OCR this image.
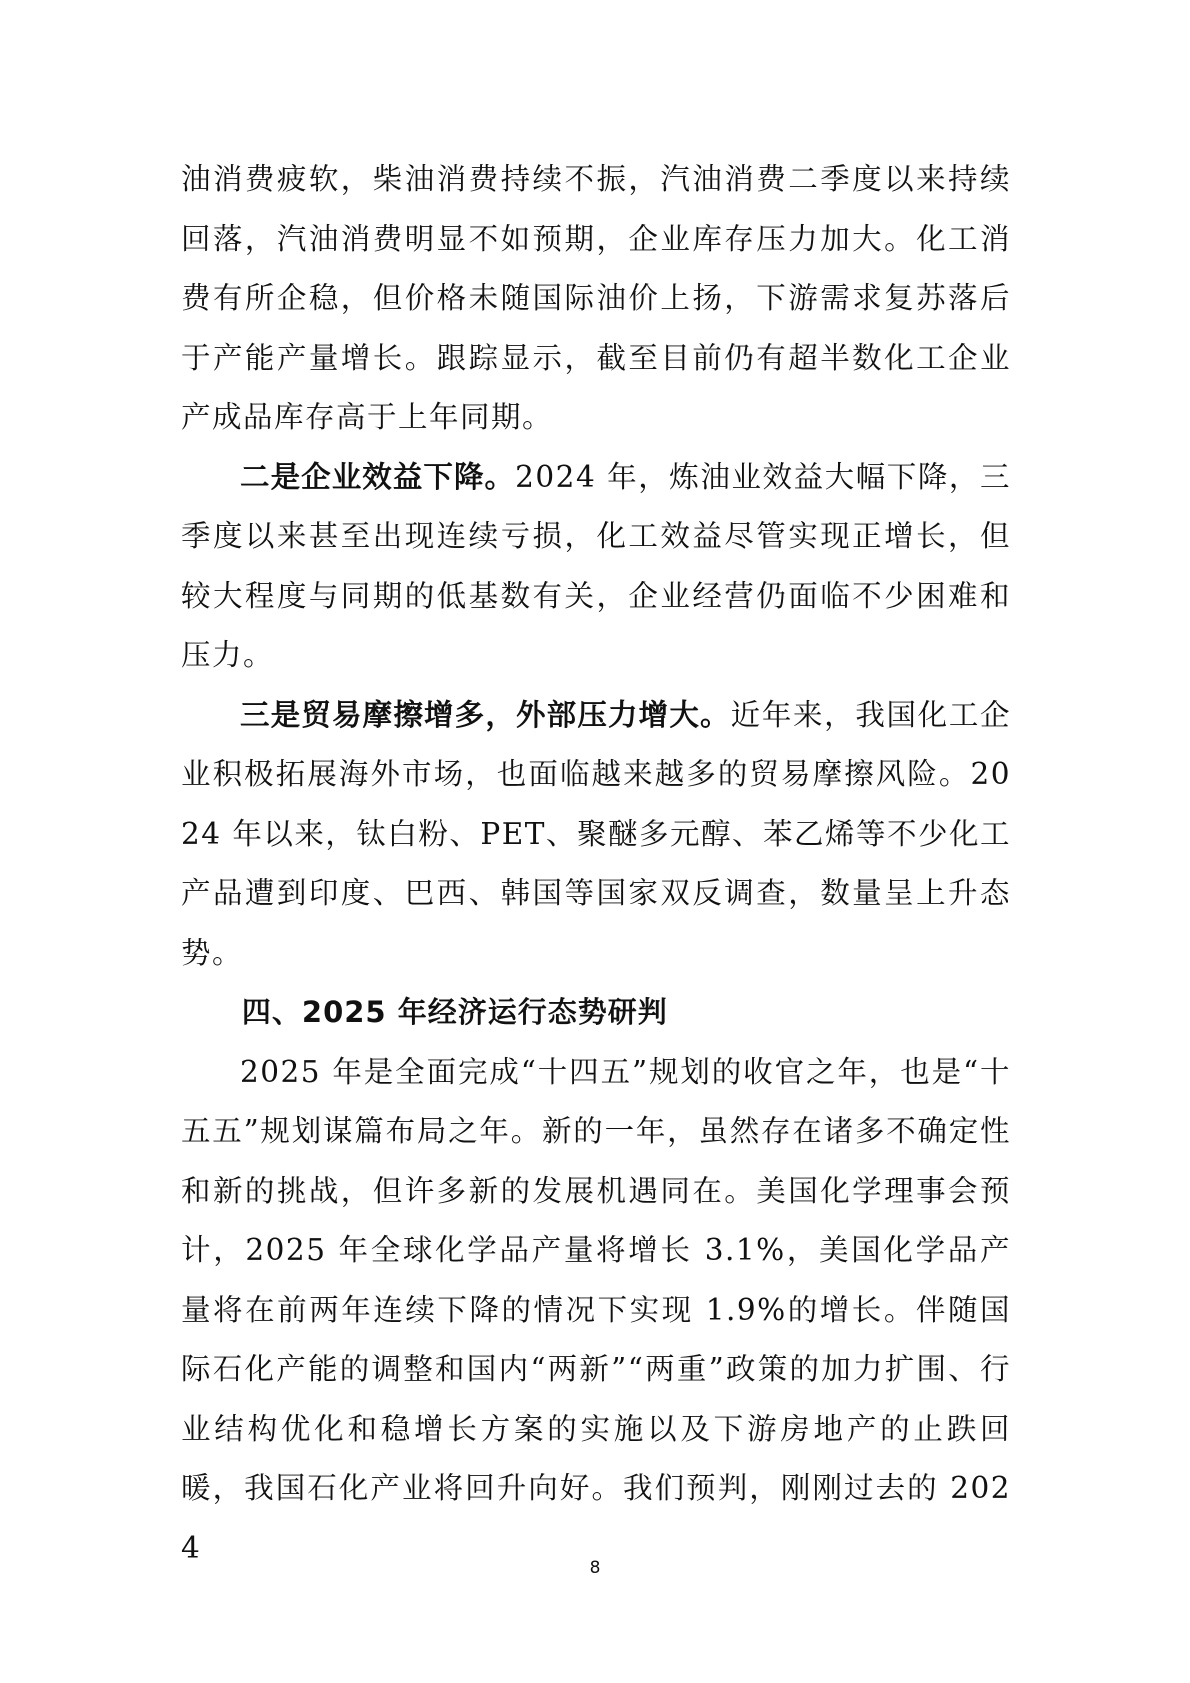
油消费疲软，柴油消费持续不振，汽油消费二季度以来持续回落，汽油消费明显不如预期，企业库存压力加大。化工消费有所企稳，但价格未随国际油价上扬，下游需求复苏落后于产能产量增长。跟踪显示，截至目前仍有超半数化工企业产成品库存高于上年同期。

二是企业效益下降。2024 年，炼油业效益大幅下降，三季度以来甚至出现连续亏损，化工效益尽管实现正增长，但较大程度与同期的低基数有关，企业经营仍面临不少困难和压力。

三是贸易摩擦增多，外部压力增大。近年来，我国化工企业积极拓展海外市场，也面临越来越多的贸易摩擦风险。2024 年以来，钛白粉、PET、聚醚多元醇、苯乙烯等不少化工产品遭到印度、巴西、韩国等国家双反调查，数量呈上升态势。

四、2025 年经济运行态势研判

2025 年是全面完成“十四五”规划的收官之年，也是“十五五”规划谋篇布局之年。新的一年，虽然存在诸多不确定性和新的挑战，但许多新的发展机遇同在。美国化学理事会预计，2025 年全球化学品产量将增长 3.1%，美国化学品产量将在前两年连续下降的情况下实现 1.9%的增长。伴随国际石化产能的调整和国内“两新”“两重”政策的加力扩围、行业结构优化和稳增长方案的实施以及下游房地产的止跌回暖，我国石化产业将回升向好。我们预判，刚刚过去的 2024

8
